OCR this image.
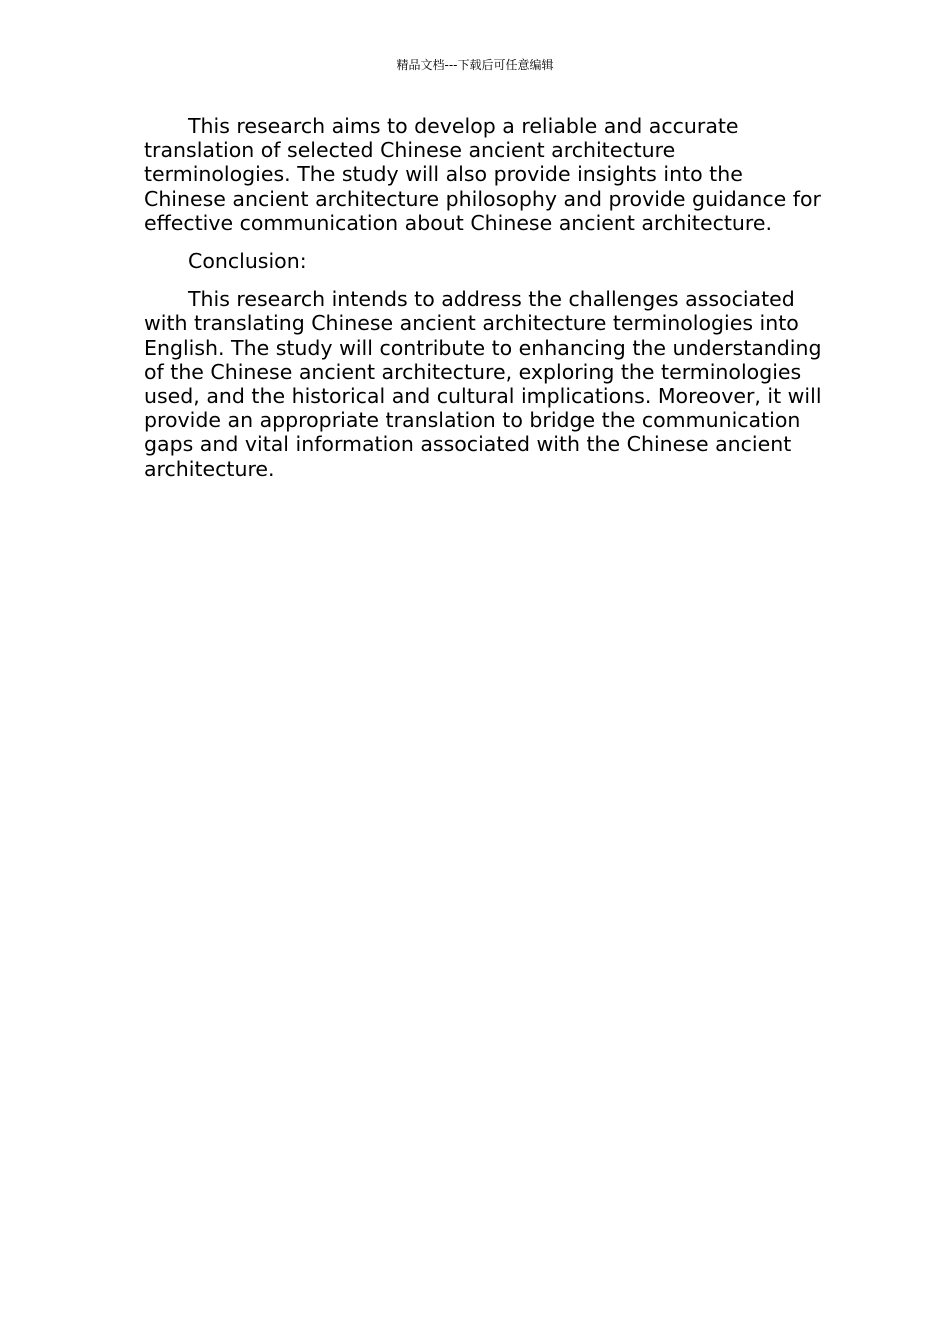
精品文档---下载后可任意编辑

This research aims to develop a reliable and accurate translation of selected Chinese ancient architecture terminologies. The study will also provide insights into the Chinese ancient architecture philosophy and provide guidance for effective communication about Chinese ancient architecture.

Conclusion:

This research intends to address the challenges associated with translating Chinese ancient architecture terminologies into English. The study will contribute to enhancing the understanding of the Chinese ancient architecture, exploring the terminologies used, and the historical and cultural implications. Moreover, it will provide an appropriate translation to bridge the communication gaps and vital information associated with the Chinese ancient architecture.
